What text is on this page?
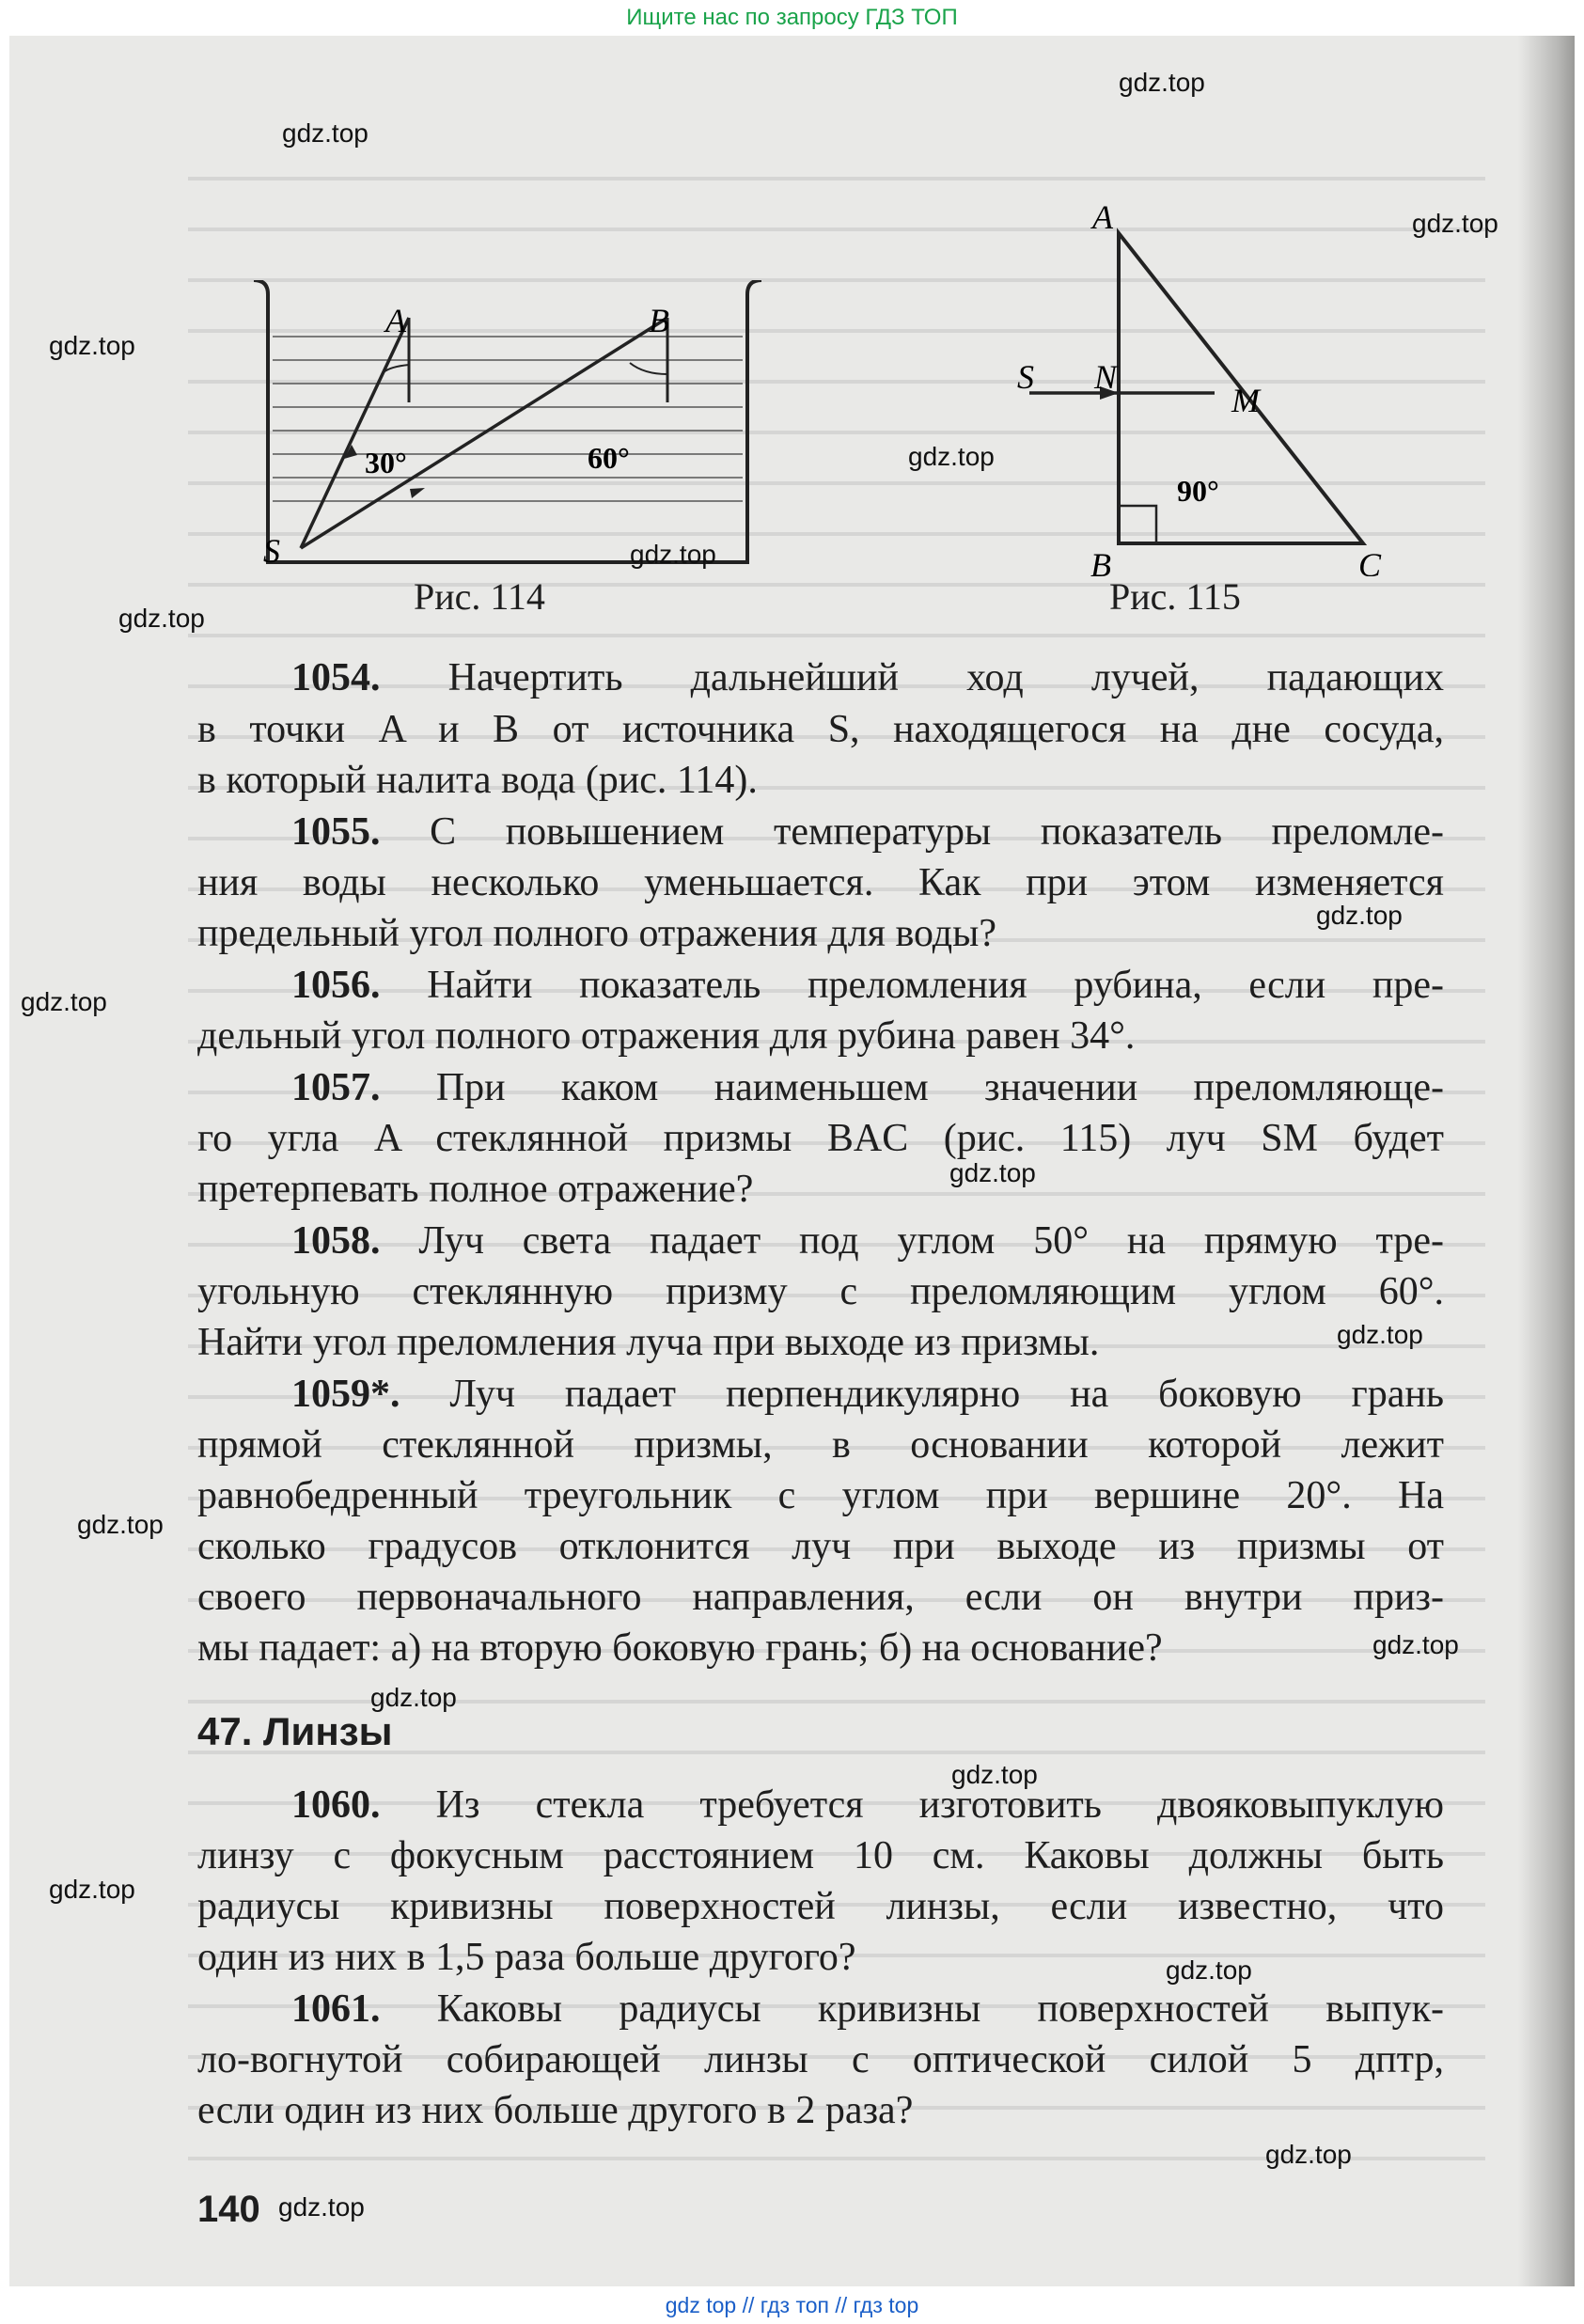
Ищите нас по запросу ГДЗ ТОП
A	B
S
30°	60°
Рис. 114
A
B	C
S N
M
90°
Рис. 115
1054. Начертить дальнейший ход лучей, падающих
в точки A и B от источника S, находящегося на дне сосуда,
в который налита вода (рис. 114).
1055. С повышением температуры показатель преломле-
ния воды несколько уменьшается. Как при этом изменяется
предельный угол полного отражения для воды?
1056. Найти показатель преломления рубина, если пре-
дельный угол полного отражения для рубина равен 34°.
1057. При каком наименьшем значении преломляюще-
го угла A стеклянной призмы BAC (рис. 115) луч SM будет
претерпевать полное отражение?
1058. Луч света падает под углом 50° на прямую тре-
угольную стеклянную призму с преломляющим углом 60°.
Найти угол преломления луча при выходе из призмы.
1059*. Луч падает перпендикулярно на боковую грань
прямой стеклянной призмы, в основании которой лежит
равнобедренный треугольник с углом при вершине 20°. На
сколько градусов отклонится луч при выходе из призмы от
своего первоначального направления, если он внутри приз-
мы падает: а) на вторую боковую грань; б) на основание?
47. Линзы
1060. Из стекла требуется изготовить двояковыпуклую
линзу с фокусным расстоянием 10 см. Каковы должны быть
радиусы кривизны поверхностей линзы, если известно, что
один из них в 1,5 раза больше другого?
1061. Каковы радиусы кривизны поверхностей выпук-
ло-вогнутой собирающей линзы с оптической силой 5 дптр,
если один из них больше другого в 2 раза?
140
gdz.top
gdz.top
gdz.top
gdz.top
gdz.top
gdz.top
gdz.top
gdz.top
gdz.top
gdz.top
gdz.top
gdz.top
gdz.top
gdz.top
gdz.top
gdz.top
gdz.top
gdz.top
gdz.top
gdz top // гдз топ // гдз top
